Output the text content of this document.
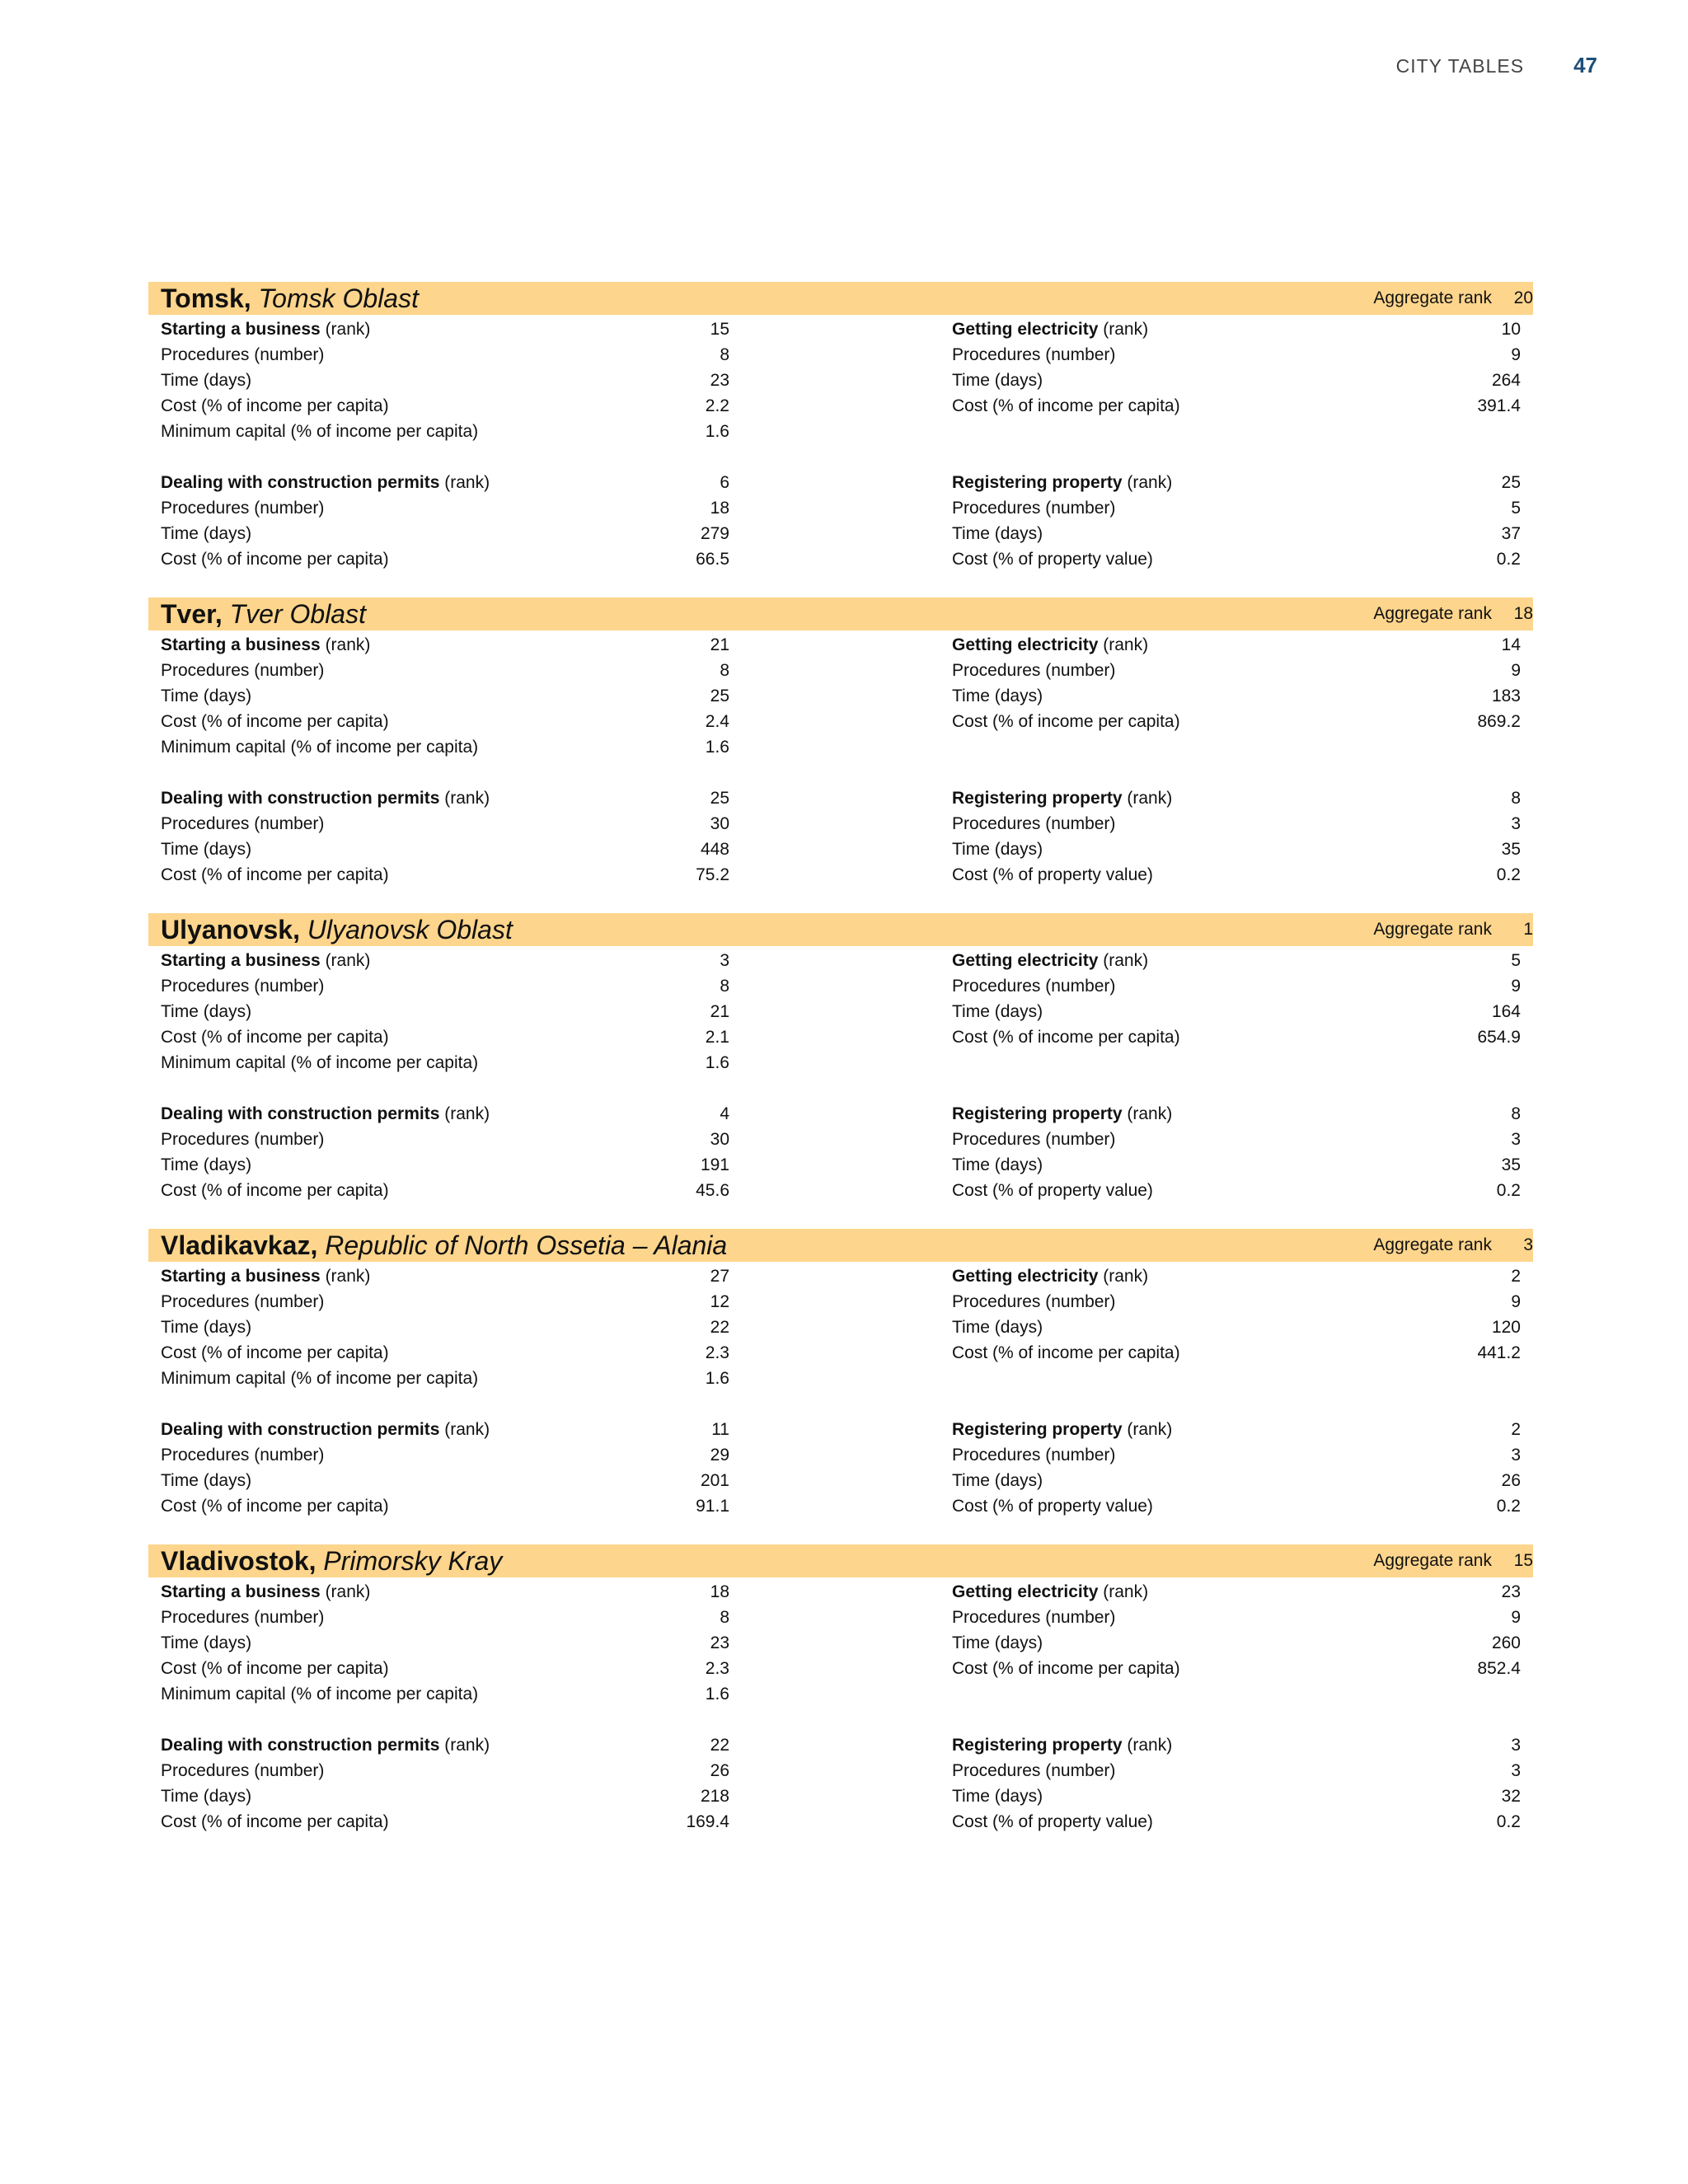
CITY TABLES 47
Tomsk, Tomsk Oblast	Aggregate rank	20
Starting a business (rank)	15
Procedures (number)	8
Time (days)	23
Cost (% of income per capita)	2.2
Minimum capital (% of income per capita)	1.6
Dealing with construction permits (rank)	6
Procedures (number)	18
Time (days)	279
Cost (% of income per capita)	66.5
Getting electricity (rank)	10
Procedures (number)	9
Time (days)	264
Cost (% of income per capita)	391.4
Registering property (rank)	25
Procedures (number)	5
Time (days)	37
Cost (% of property value)	0.2
Tver, Tver Oblast	Aggregate rank	18
Starting a business (rank)	21
Procedures (number)	8
Time (days)	25
Cost (% of income per capita)	2.4
Minimum capital (% of income per capita)	1.6
Dealing with construction permits (rank)	25
Procedures (number)	30
Time (days)	448
Cost (% of income per capita)	75.2
Getting electricity (rank)	14
Procedures (number)	9
Time (days)	183
Cost (% of income per capita)	869.2
Registering property (rank)	8
Procedures (number)	3
Time (days)	35
Cost (% of property value)	0.2
Ulyanovsk, Ulyanovsk Oblast	Aggregate rank	1
Starting a business (rank)	3
Procedures (number)	8
Time (days)	21
Cost (% of income per capita)	2.1
Minimum capital (% of income per capita)	1.6
Dealing with construction permits (rank)	4
Procedures (number)	30
Time (days)	191
Cost (% of income per capita)	45.6
Getting electricity (rank)	5
Procedures (number)	9
Time (days)	164
Cost (% of income per capita)	654.9
Registering property (rank)	8
Procedures (number)	3
Time (days)	35
Cost (% of property value)	0.2
Vladikavkaz, Republic of North Ossetia – Alania	Aggregate rank	3
Starting a business (rank)	27
Procedures (number)	12
Time (days)	22
Cost (% of income per capita)	2.3
Minimum capital (% of income per capita)	1.6
Dealing with construction permits (rank)	11
Procedures (number)	29
Time (days)	201
Cost (% of income per capita)	91.1
Getting electricity (rank)	2
Procedures (number)	9
Time (days)	120
Cost (% of income per capita)	441.2
Registering property (rank)	2
Procedures (number)	3
Time (days)	26
Cost (% of property value)	0.2
Vladivostok, Primorsky Kray	Aggregate rank	15
Starting a business (rank)	18
Procedures (number)	8
Time (days)	23
Cost (% of income per capita)	2.3
Minimum capital (% of income per capita)	1.6
Dealing with construction permits (rank)	22
Procedures (number)	26
Time (days)	218
Cost (% of income per capita)	169.4
Getting electricity (rank)	23
Procedures (number)	9
Time (days)	260
Cost (% of income per capita)	852.4
Registering property (rank)	3
Procedures (number)	3
Time (days)	32
Cost (% of property value)	0.2
